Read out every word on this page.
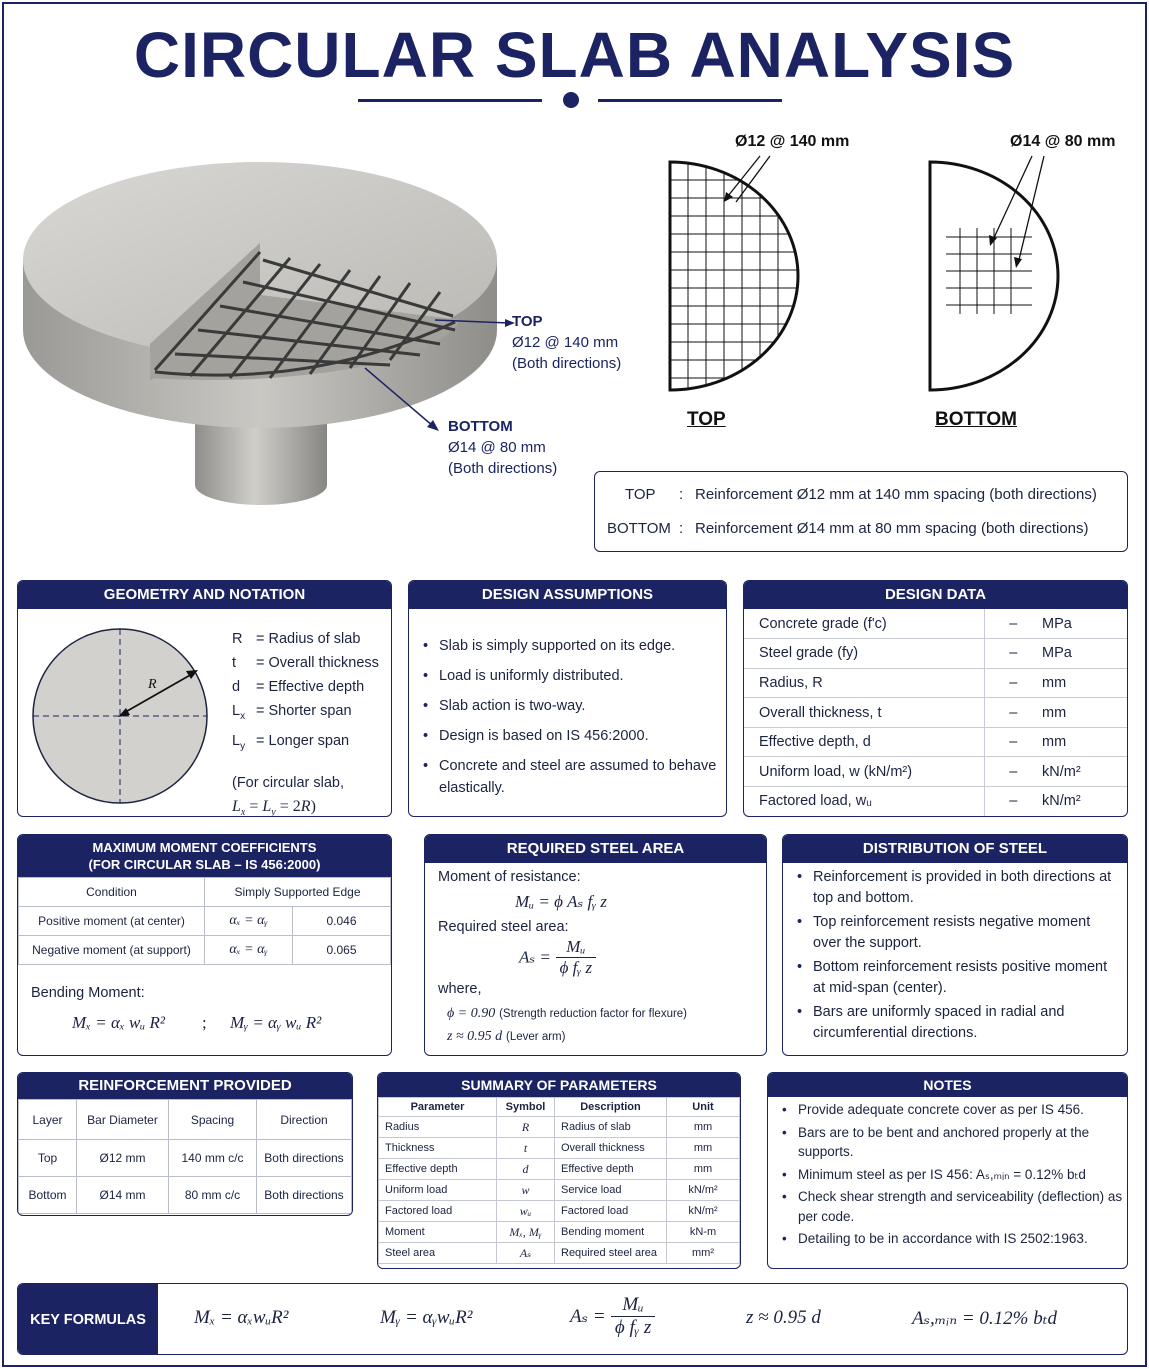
CIRCULAR SLAB ANALYSIS
TOP
Ø12 @ 140 mm
(Both directions)
BOTTOM
Ø14 @ 80 mm
(Both directions)
Ø12 @ 140 mm
TOP
Ø14 @ 80 mm
BOTTOM
TOP : Reinforcement Ø12 mm at 140 mm spacing (both directions)
BOTTOM : Reinforcement Ø14 mm at 80 mm spacing (both directions)
GEOMETRY AND NOTATION
R
R = Radius of slab
t = Overall thickness
d = Effective depth
$L_x$ = Shorter span
$L_y$ = Longer span
(For circular slab,
$L_x = L_y = 2R$)
DESIGN ASSUMPTIONS
• Slab is simply supported on its edge.
• Load is uniformly distributed.
• Slab action is two-way.
• Design is based on IS 456:2000.
• Concrete and steel are assumed to behave elastically.
DESIGN DATA
Concrete grade (f'c)	–	MPa
Steel grade (fy)	–	MPa
Radius, R	–	mm
Overall thickness, t	–	mm
Effective depth, d	–	mm
Uniform load, w (kN/m²)	–	kN/m²
Factored load, wᵤ	–	kN/m²
MAXIMUM MOMENT COEFFICIENTS
(FOR CIRCULAR SLAB – IS 456:2000)
Condition	Simply Supported Edge	
Positive moment (at center)	αₓ = αᵧ	0.046
Negative moment (at support)	αₓ = αᵧ	0.065
Bending Moment:
Mₓ = αₓ wᵤ R² ; Mᵧ = αᵧ wᵤ R²
REQUIRED STEEL AREA
Moment of resistance:
Mᵤ = ϕ Aₛ fᵧ z
Required steel area:
$A_s = \frac{\text{Mᵤ}}{\text{ϕ fᵧ z}}$
where,
ϕ = 0.90 (Strength reduction factor for flexure)
z ≈ 0.95 d (Lever arm)
DISTRIBUTION OF STEEL
• Reinforcement is provided in both directions at top and bottom.
• Top reinforcement resists negative moment over the support.
• Bottom reinforcement resists positive moment at mid-span (center).
• Bars are uniformly spaced in radial and circumferential directions.
REINFORCEMENT PROVIDED
Layer	Bar Diameter	Spacing	Direction
Top	Ø12 mm	140 mm c/c	Both directions
Bottom	Ø14 mm	80 mm c/c	Both directions
SUMMARY OF PARAMETERS
Parameter	Symbol	Description	Unit
Radius	R	Radius of slab	mm
Thickness	t	Overall thickness	mm
Effective depth	d	Effective depth	mm
Uniform load	w	Service load	kN/m²
Factored load	wᵤ	Factored load	kN/m²
Moment	Mₓ, Mᵧ	Bending moment	kN-m
Steel area	Aₛ	Required steel area	mm²
NOTES
• Provide adequate concrete cover as per IS 456.
• Bars are to be bent and anchored properly at the supports.
• Minimum steel as per IS 456: Aₛ,ₘᵢₙ = 0.12% bₜd
• Check shear strength and serviceability (deflection) as per code.
• Detailing to be in accordance with IS 2502:1963.
KEY FORMULAS	Mₓ = αₓwᵤR²	Mᵧ = αᵧwᵤR²	$A_s = \frac{\text{Mᵤ}}{\text{ϕ fᵧ z}}$	z ≈ 0.95 d	Aₛ,ₘᵢₙ = 0.12% bₜd
